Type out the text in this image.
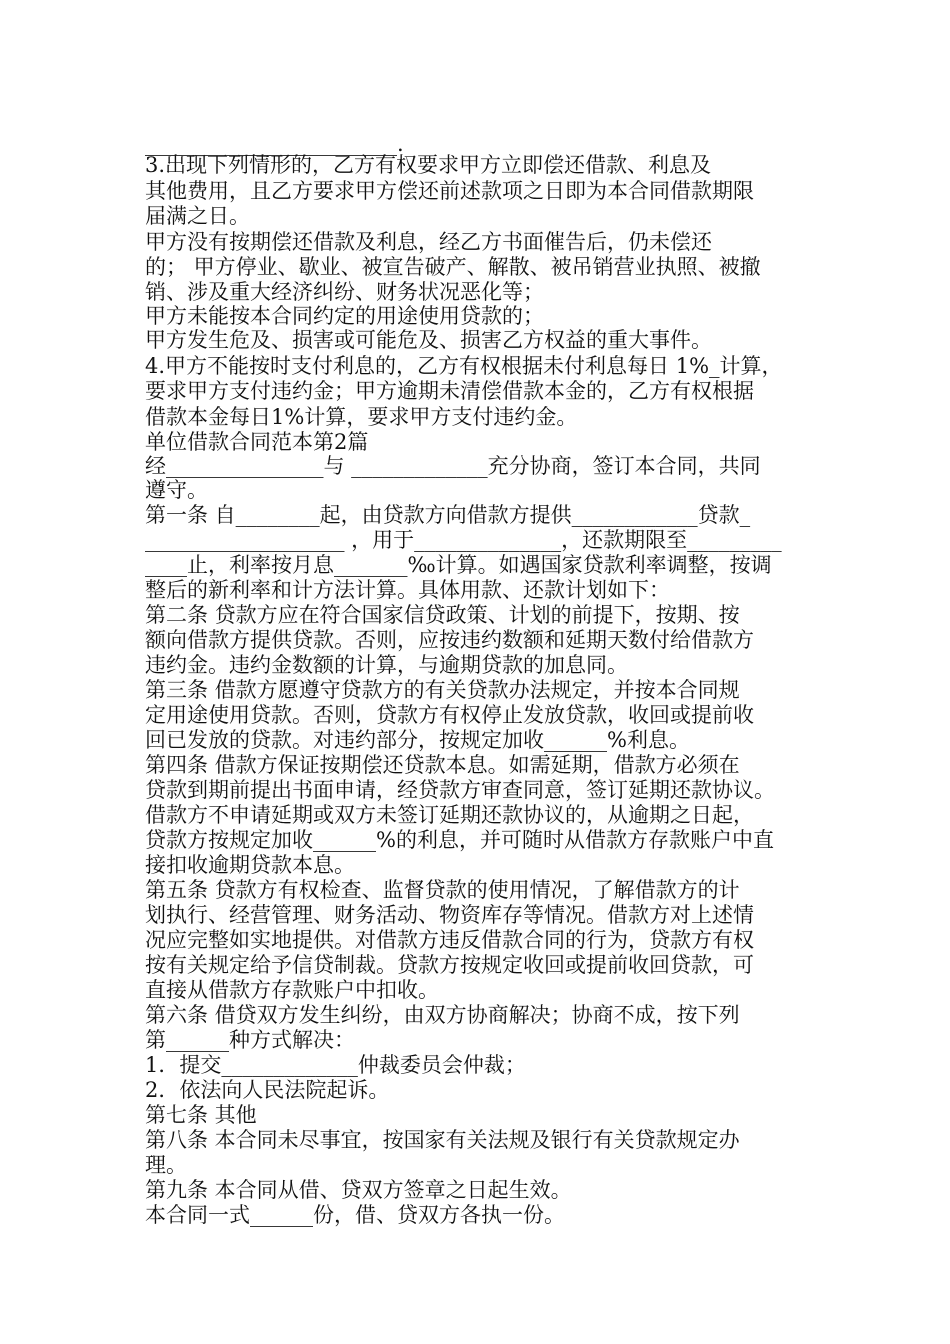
________________________.
3.出现下列情形的，乙方有权要求甲方立即偿还借款、利息及
其他费用，且乙方要求甲方偿还前述款项之日即为本合同借款期限
届满之日。
甲方没有按期偿还借款及利息，经乙方书面催告后，仍未偿还
的； 甲方停业、歇业、被宣告破产、解散、被吊销营业执照、被撤
销、涉及重大经济纠纷、财务状况恶化等；
甲方未能按本合同约定的用途使用贷款的；
甲方发生危及、损害或可能危及、损害乙方权益的重大事件。
4.甲方不能按时支付利息的，乙方有权根据未付利息每日 1%_计算，
要求甲方支付违约金；甲方逾期未清偿借款本金的，乙方有权根据
借款本金每日1%计算，要求甲方支付违约金。
单位借款合同范本第2篇
经_______________与 _____________充分协商，签订本合同，共同
遵守。
第一条 自________起，由贷款方向借款方提供____________贷款_
___________________ ，用于______________，还款期限至_________
____止，利率按月息_______‰计算。如遇国家贷款利率调整，按调
整后的新利率和计方法计算。具体用款、还款计划如下：
第二条 贷款方应在符合国家信贷政策、计划的前提下，按期、按
额向借款方提供贷款。否则，应按违约数额和延期天数付给借款方
违约金。违约金数额的计算，与逾期贷款的加息同。
第三条 借款方愿遵守贷款方的有关贷款办法规定，并按本合同规
定用途使用贷款。否则，贷款方有权停止发放贷款，收回或提前收
回已发放的贷款。对违约部分，按规定加收______%利息。
第四条 借款方保证按期偿还贷款本息。如需延期，借款方必须在
贷款到期前提出书面申请，经贷款方审查同意，签订延期还款协议。
借款方不申请延期或双方未签订延期还款协议的，从逾期之日起，
贷款方按规定加收______%的利息，并可随时从借款方存款账户中直
接扣收逾期贷款本息。
第五条 贷款方有权检查、监督贷款的使用情况，了解借款方的计
划执行、经营管理、财务活动、物资库存等情况。借款方对上述情
况应完整如实地提供。对借款方违反借款合同的行为，贷款方有权
按有关规定给予信贷制裁。贷款方按规定收回或提前收回贷款，可
直接从借款方存款账户中扣收。
第六条 借贷双方发生纠纷，由双方协商解决；协商不成，按下列
第______种方式解决：
1．提交_____________仲裁委员会仲裁；
2．依法向人民法院起诉。
第七条 其他
第八条 本合同未尽事宜，按国家有关法规及银行有关贷款规定办
理。
第九条 本合同从借、贷双方签章之日起生效。
本合同一式______份，借、贷双方各执一份。
